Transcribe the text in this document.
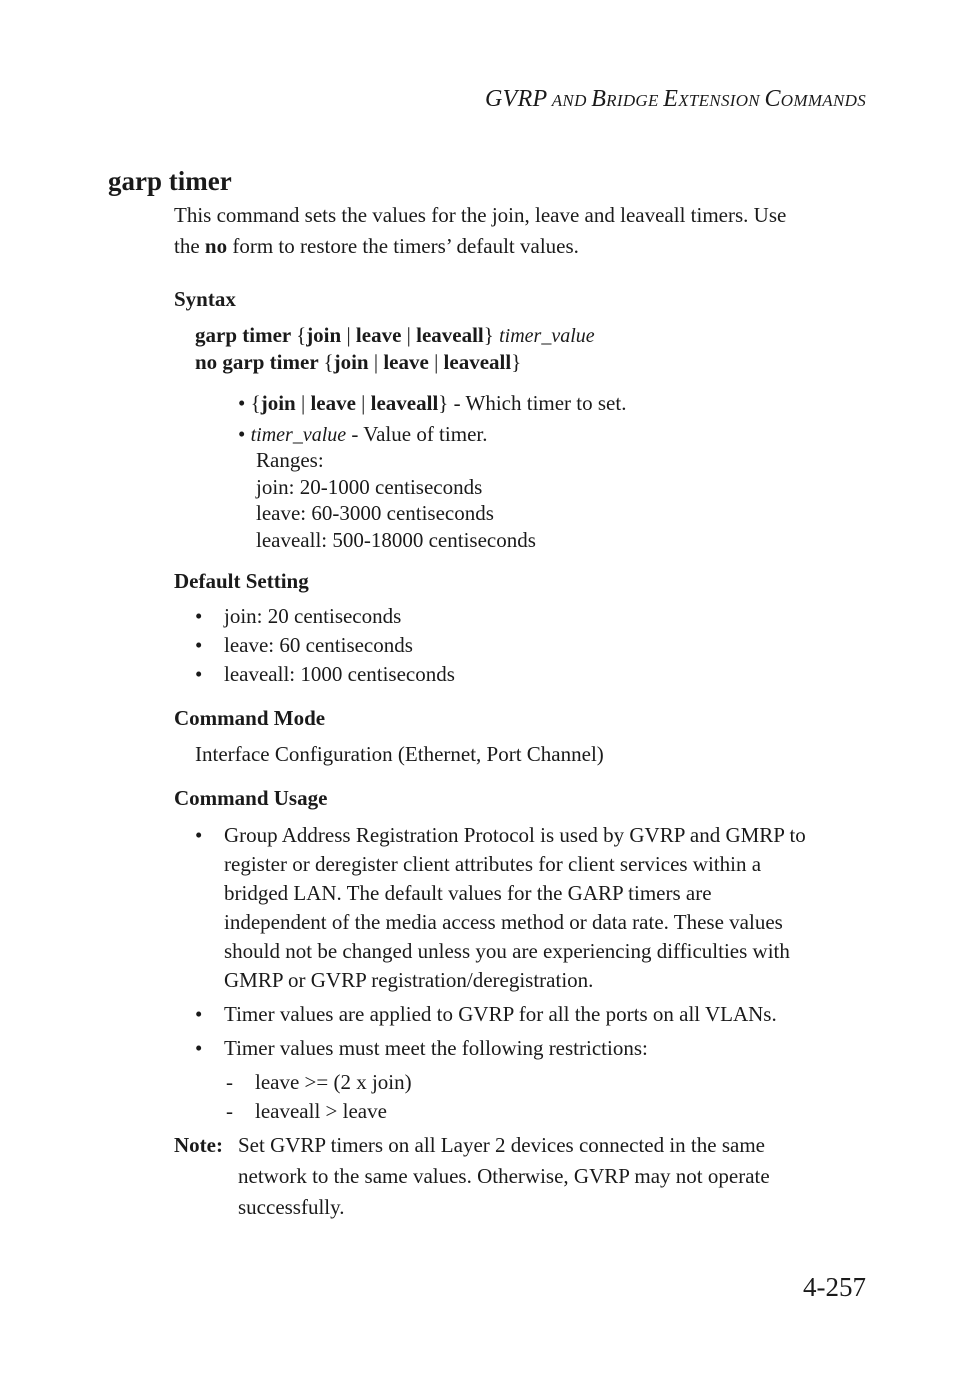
GVRP AND BRIDGE EXTENSION COMMANDS
garp timer
This command sets the values for the join, leave and leaveall timers. Use
the no form to restore the timers’ default values.
Syntax
garp timer {join | leave | leaveall} timer_value
no garp timer {join | leave | leaveall}
• {join | leave | leaveall} - Which timer to set.
• timer_value - Value of timer.
Ranges:
join: 20-1000 centiseconds
leave: 60-3000 centiseconds
leaveall: 500-18000 centiseconds
Default Setting
• join: 20 centiseconds
• leave: 60 centiseconds
• leaveall: 1000 centiseconds
Command Mode
Interface Configuration (Ethernet, Port Channel)
Command Usage
• Group Address Registration Protocol is used by GVRP and GMRP to
register or deregister client attributes for client services within a
bridged LAN. The default values for the GARP timers are
independent of the media access method or data rate. These values
should not be changed unless you are experiencing difficulties with
GMRP or GVRP registration/deregistration.
• Timer values are applied to GVRP for all the ports on all VLANs.
• Timer values must meet the following restrictions:
- leave >= (2 x join)
- leaveall > leave
Note: Set GVRP timers on all Layer 2 devices connected in the same
network to the same values. Otherwise, GVRP may not operate
successfully.
4-257
